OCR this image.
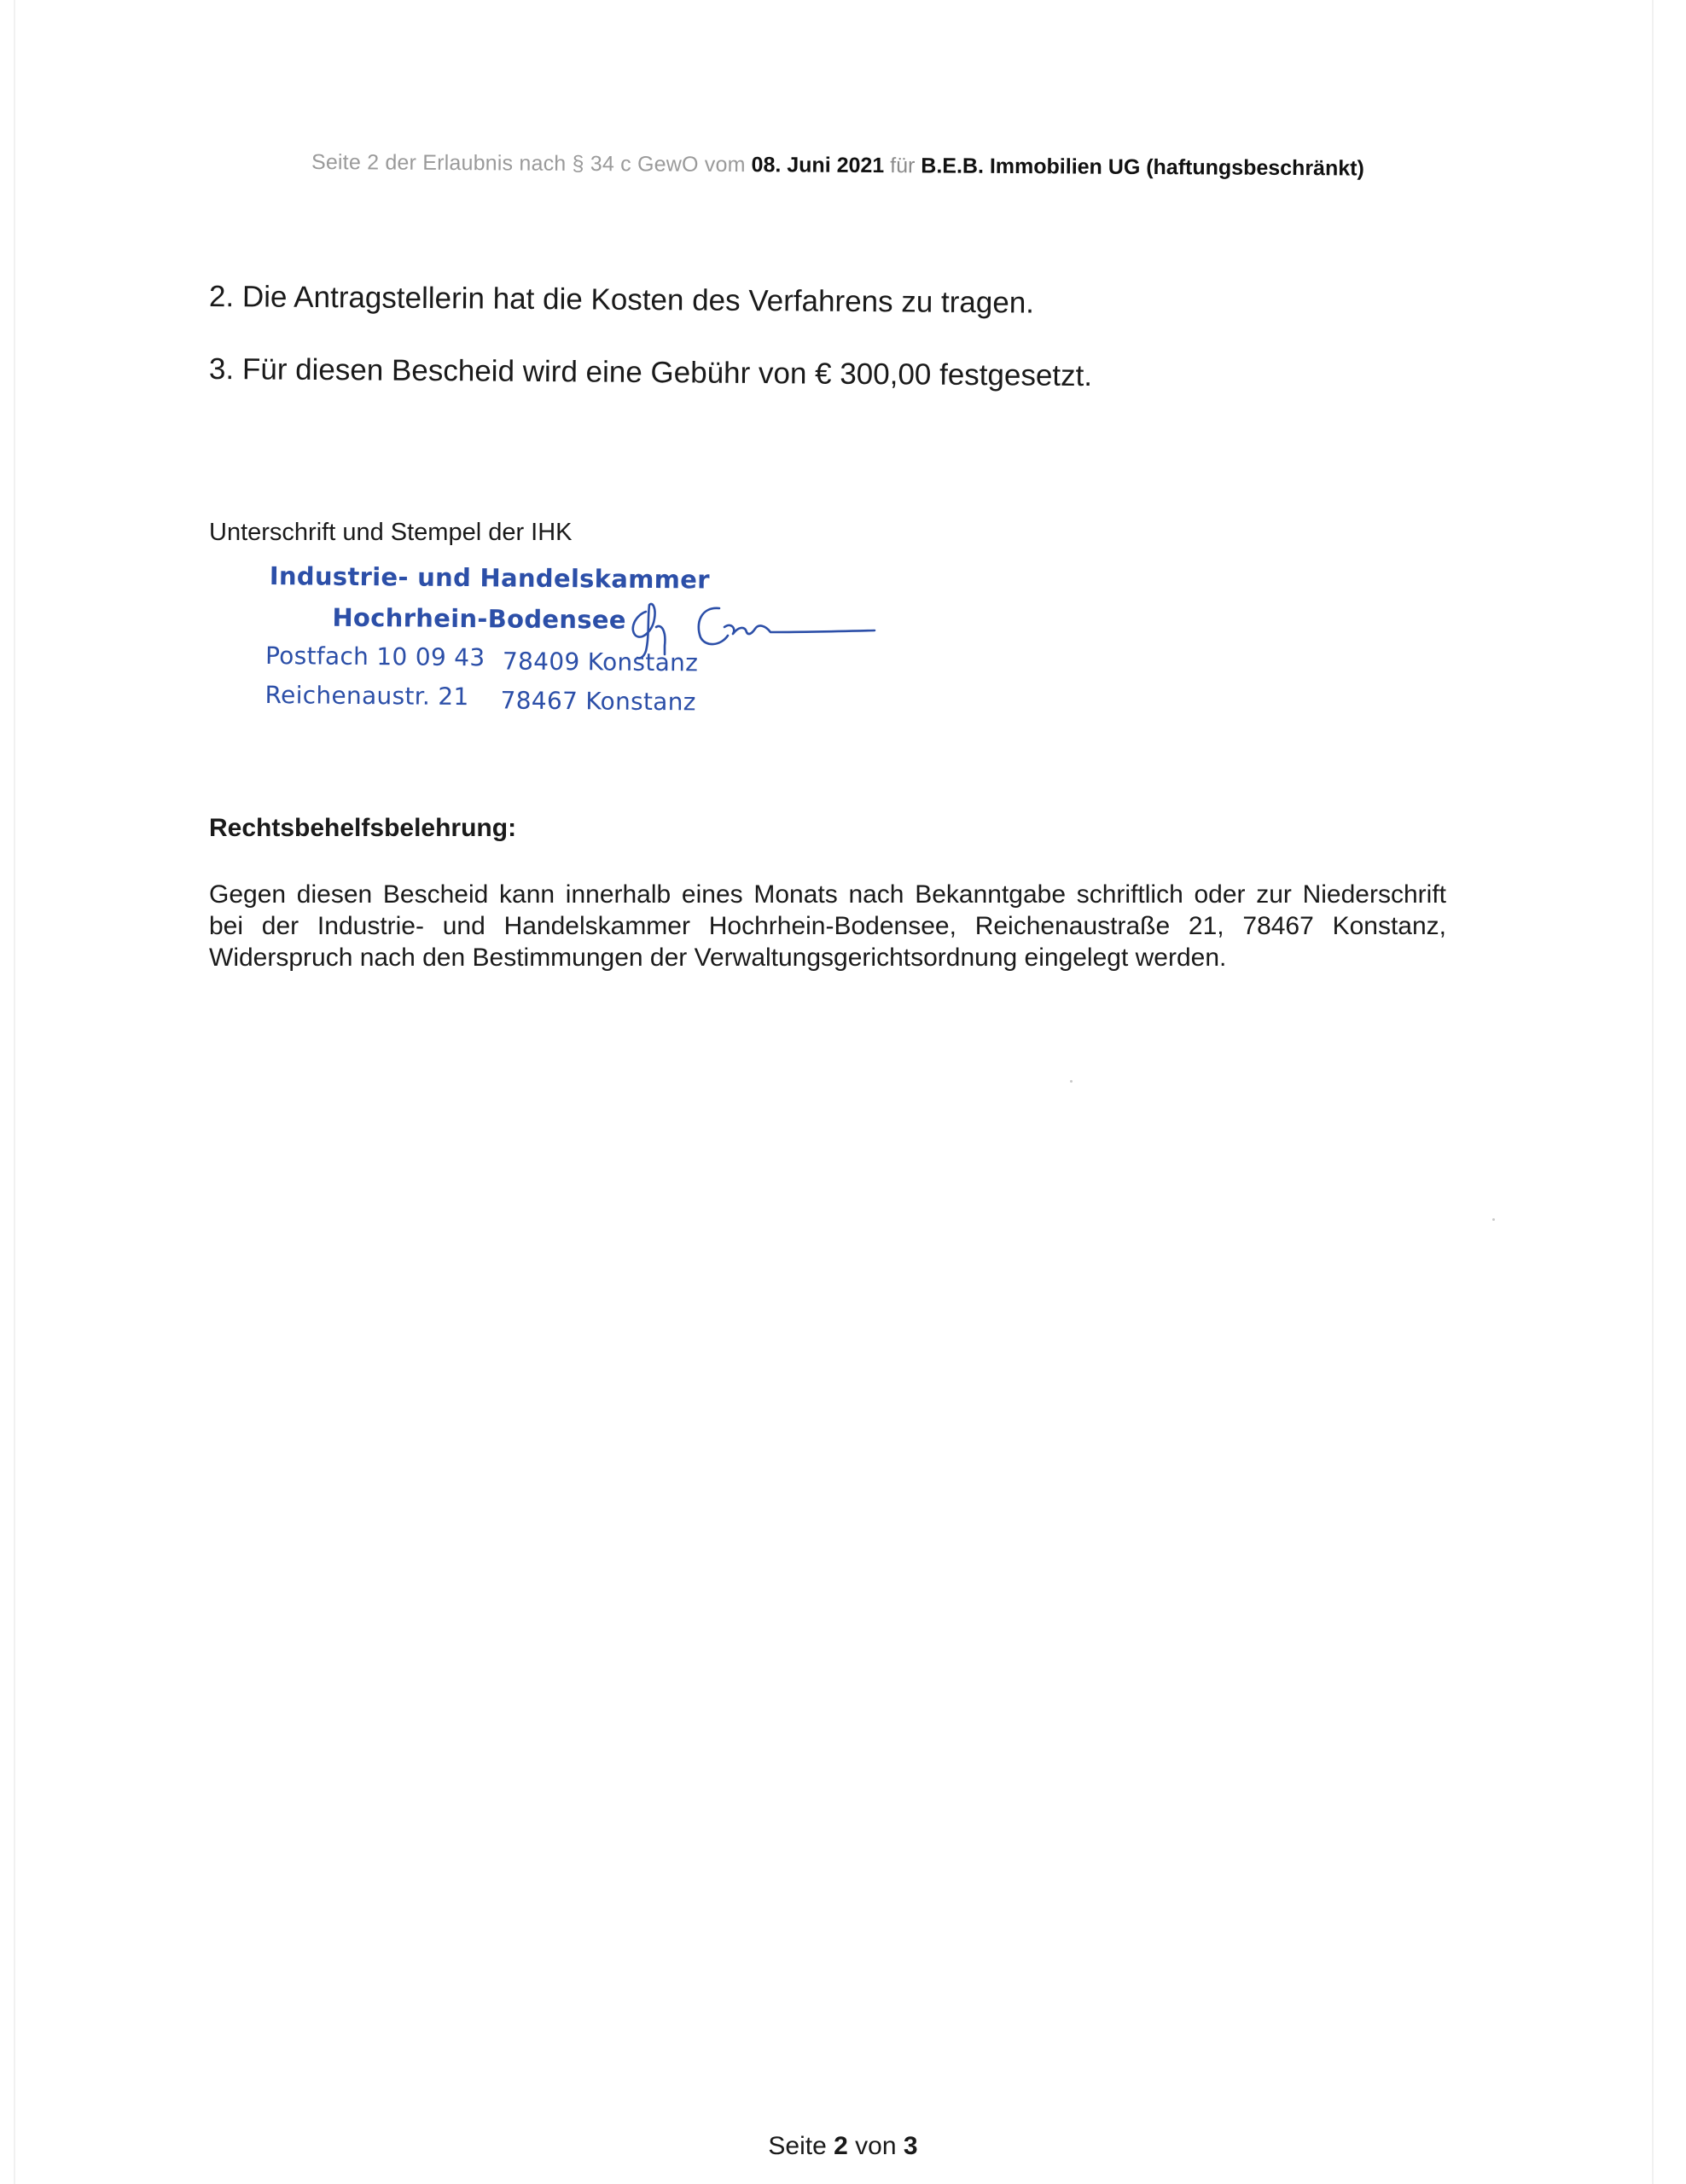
Seite 2 der Erlaubnis nach § 34 c GewO vom 08. Juni 2021 für B.E.B. Immobilien UG (haftungsbeschränkt)
2. Die Antragstellerin hat die Kosten des Verfahrens zu tragen.
3. Für diesen Bescheid wird eine Gebühr von € 300,00 festgesetzt.
Unterschrift und Stempel der IHK
Industrie- und Handelskammer
Hochrhein-Bodensee
Postfach 10 09 43 78409 Konstanz
Reichenaustr. 21 78467 Konstanz
Rechtsbehelfsbelehrung:
Gegen diesen Bescheid kann innerhalb eines Monats nach Bekanntgabe schriftlich oder zur Niederschrift
bei der Industrie- und Handelskammer Hochrhein-Bodensee, Reichenaustraße 21, 78467 Konstanz,
Widerspruch nach den Bestimmungen der Verwaltungsgerichtsordnung eingelegt werden.
Seite 2 von 3
